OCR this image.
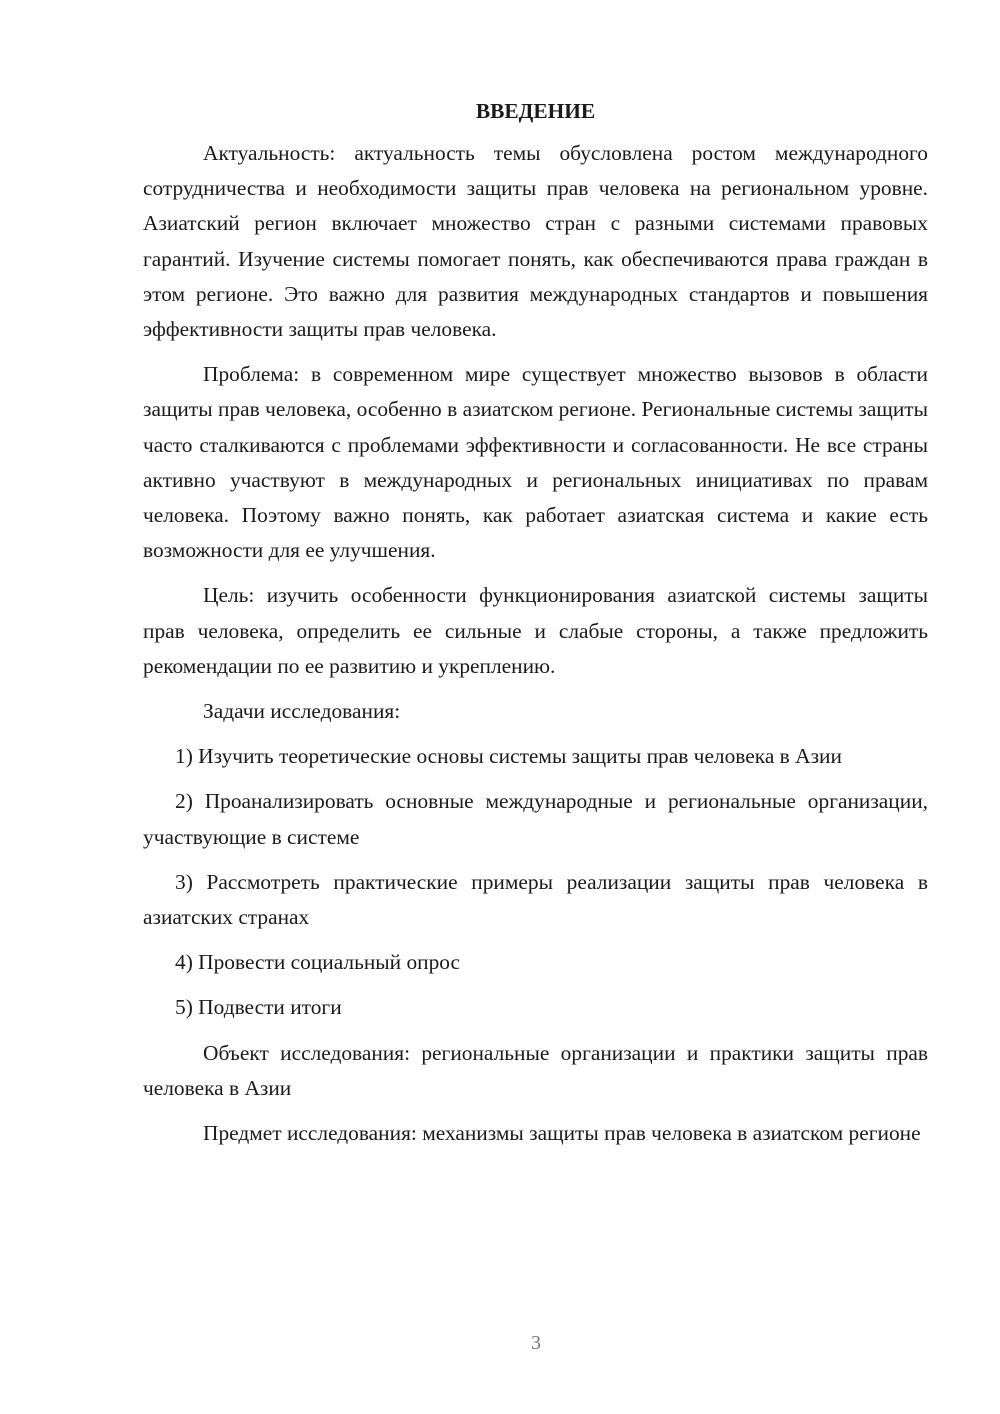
ВВЕДЕНИЕ

Актуальность: актуальность темы обусловлена ростом международного сотрудничества и необходимости защиты прав человека на региональном уровне. Азиатский регион включает множество стран с разными системами правовых гарантий. Изучение системы помогает понять, как обеспечиваются права граждан в этом регионе. Это важно для развития международных стандартов и повышения эффективности защиты прав человека.

Проблема: в современном мире существует множество вызовов в области защиты прав человека, особенно в азиатском регионе. Региональные системы защиты часто сталкиваются с проблемами эффективности и согласованности. Не все страны активно участвуют в международных и региональных инициативах по правам человека. Поэтому важно понять, как работает азиатская система и какие есть возможности для ее улучшения.

Цель: изучить особенности функционирования азиатской системы защиты прав человека, определить ее сильные и слабые стороны, а также предложить рекомендации по ее развитию и укреплению.

Задачи исследования:

1) Изучить теоретические основы системы защиты прав человека в Азии

2) Проанализировать основные международные и региональные организации, участвующие в системе

3) Рассмотреть практические примеры реализации защиты прав человека в азиатских странах

4) Провести социальный опрос

5) Подвести итоги

Объект исследования: региональные организации и практики защиты прав человека в Азии

Предмет исследования: механизмы защиты прав человека в азиатском регионе

3
